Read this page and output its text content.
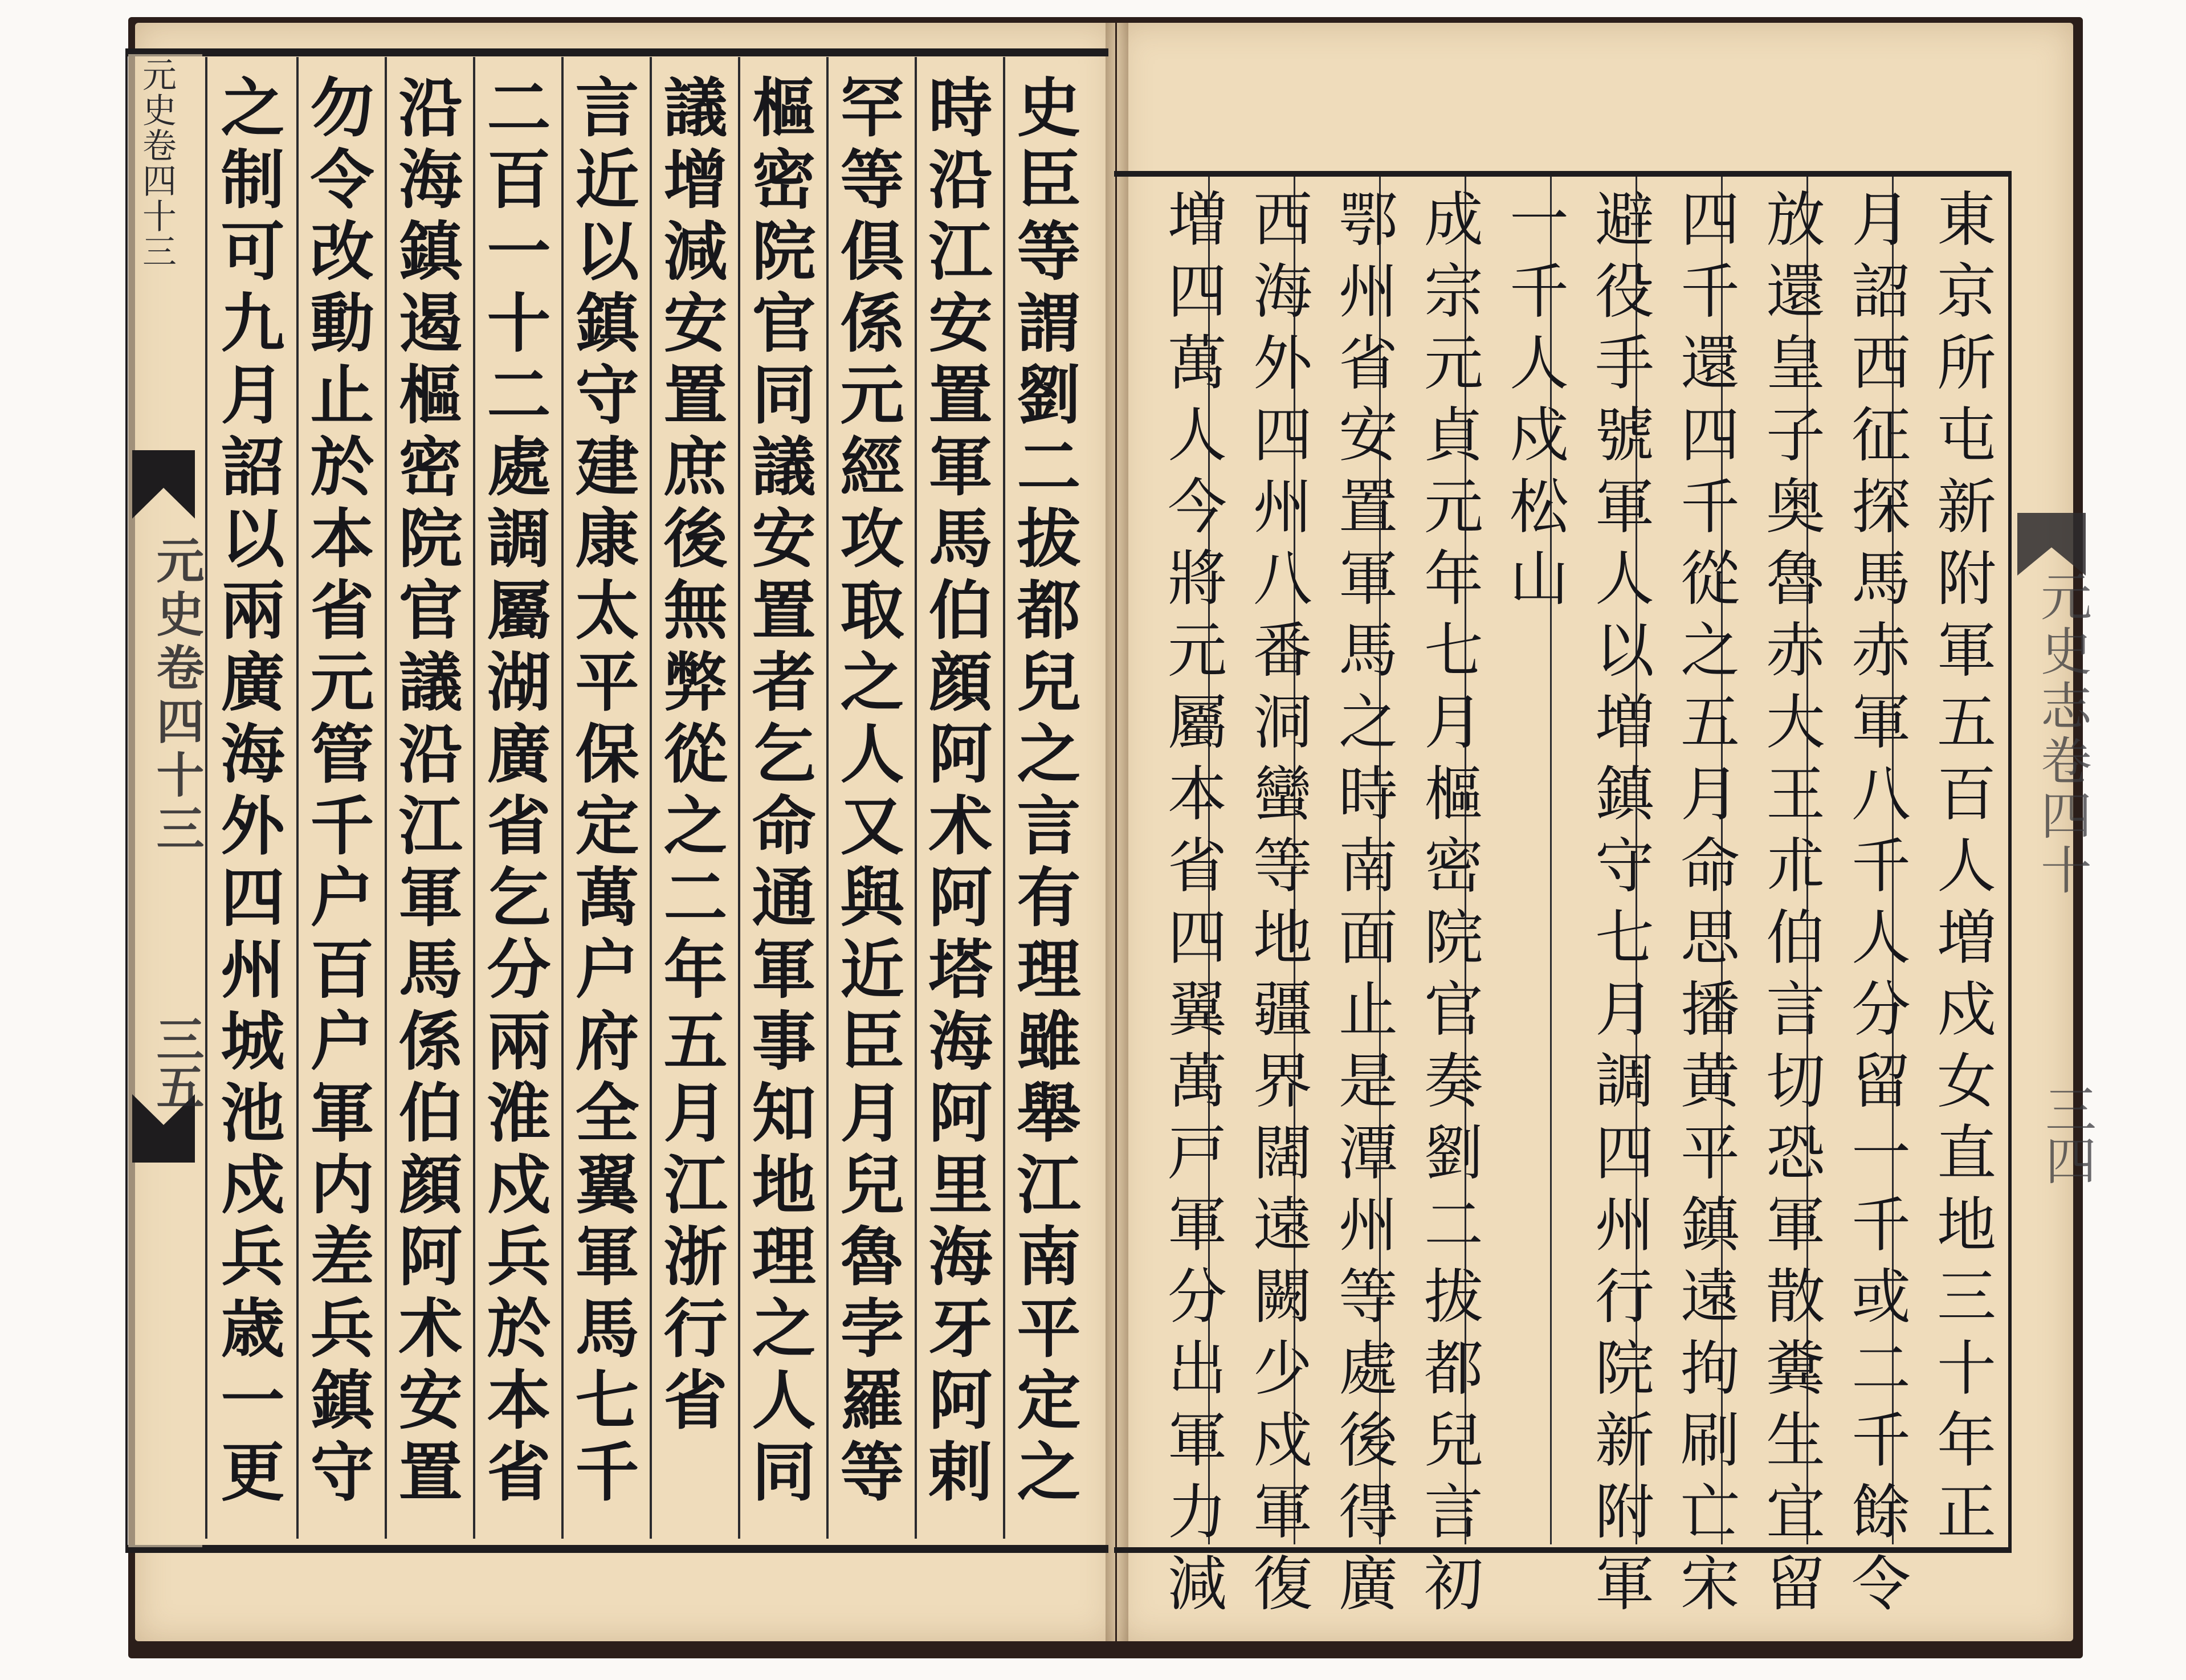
元史卷四十三
元史卷四十三
三五 之制可九月詔以兩廣海外四州城池戍兵歳一更 勿令改動止於本省元管千户百户軍内差兵鎮守 沿海鎮遏樞密院官議沿江軍馬係伯顔阿术安置 二百一十二處調屬湖廣省乞分兩淮戍兵於本省 言近以鎮守建康太平保定萬户府全翼軍馬七千 議增減安置庶後無弊從之二年五月江浙行省 樞密院官同議安置者乞命通軍事知地理之人同 罕等倶係元經攻取之人又與近臣月兒魯孛羅等 時沿江安置軍馬伯顔阿术阿塔海阿里海牙阿剌 史臣等謂劉二拔都兒之言有理雖舉江南平定之	元史志卷四十
三四
東京所屯新附軍五百人増戍女直地三十年正
月詔西征探馬赤軍八千人分留一千或二千餘令
放還皇子奥魯赤大王朮伯言切恐軍散糞生宜留
四千還四千從之五月命思播黄平鎮遠拘刷亡宋
避役手號軍人以増鎮守七月調四州行院新附軍
一千人戍松山
成宗元貞元年七月樞密院官奏劉二拔都兒言初
鄂州省安置軍馬之時南面止是潭州等處後得廣
西海外四州八番洞蠻等地疆界闊遠闕少戍軍復
増四萬人今將元屬本省四翼萬戸軍分出軍力減
